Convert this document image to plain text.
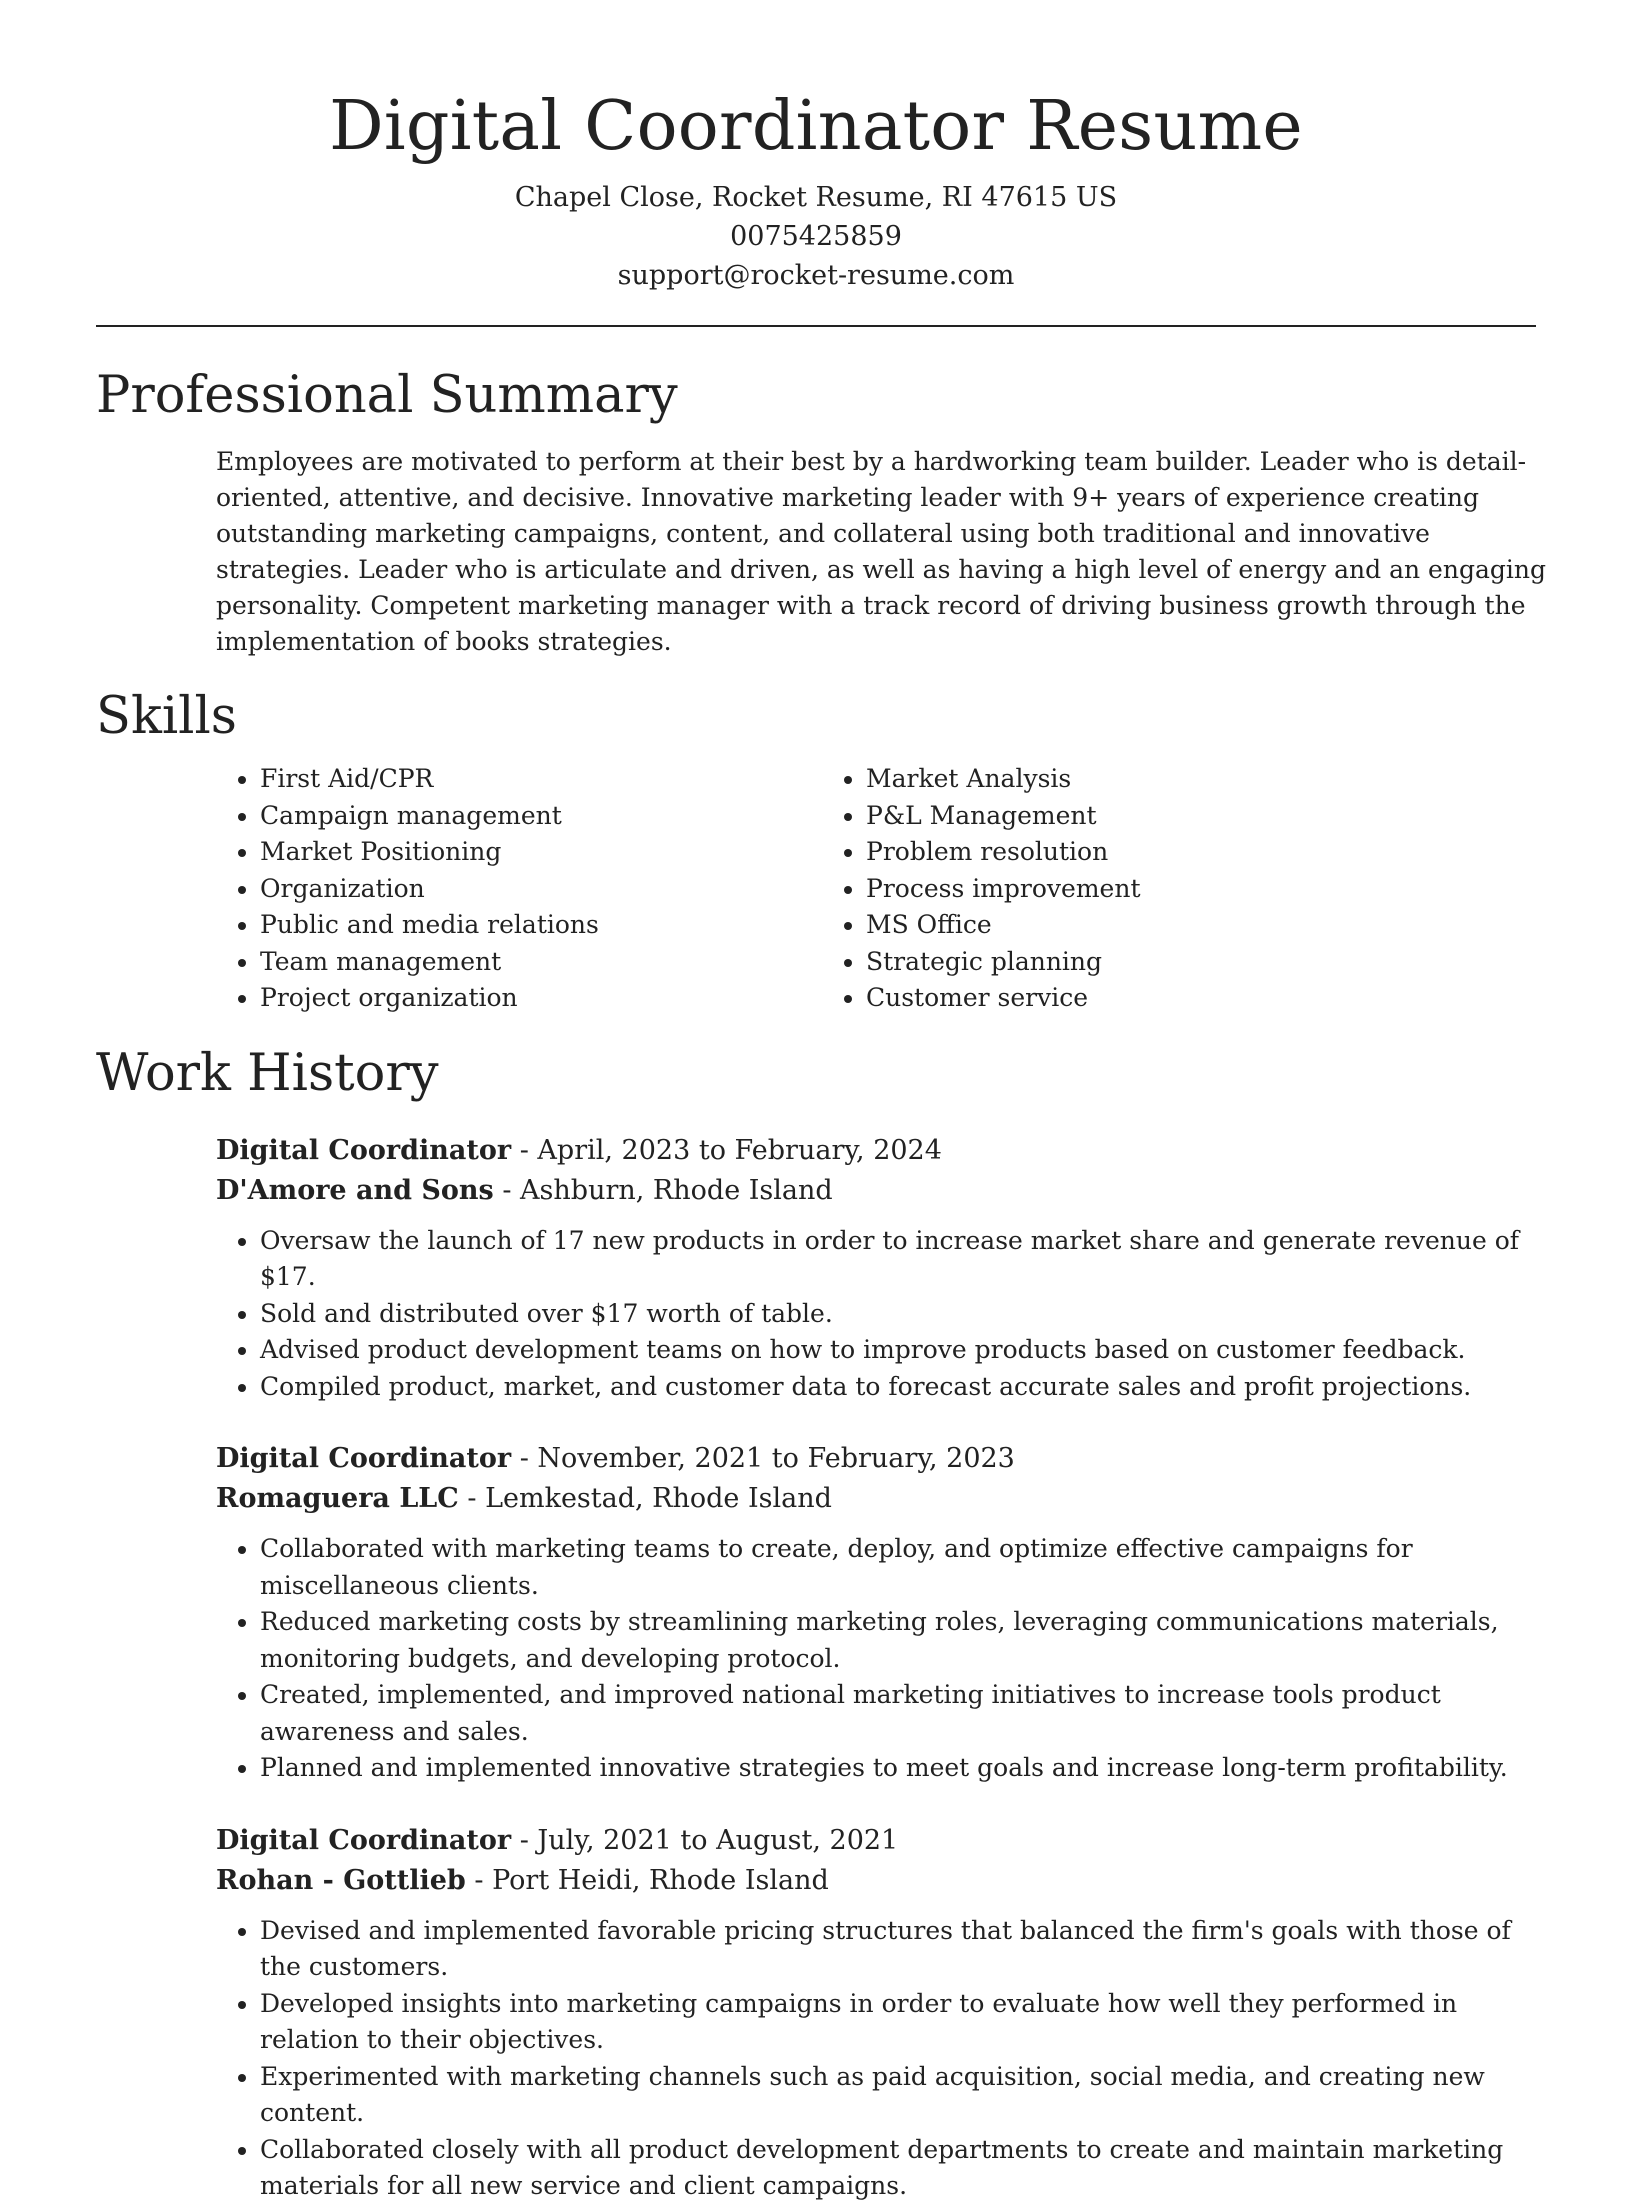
Digital Coordinator Resume
Chapel Close, Rocket Resume, RI 47615 US
0075425859
support@rocket-resume.com
Professional Summary

Employees are motivated to perform at their best by a hardworking team builder. Leader who is detail-oriented, attentive, and decisive. Innovative marketing leader with 9+ years of experience creating outstanding marketing campaigns, content, and collateral using both traditional and innovative strategies. Leader who is articulate and driven, as well as having a high level of energy and an engaging personality. Competent marketing manager with a track record of driving business growth through the implementation of books strategies.

Skills
• First Aid/CPR
• Campaign management
• Market Positioning
• Organization
• Public and media relations
• Team management
• Project organization
• Market Analysis
• P&L Management
• Problem resolution
• Process improvement
• MS Office
• Strategic planning
• Customer service
Work History
Digital Coordinator - April, 2023 to February, 2024
D'Amore and Sons - Ashburn, Rhode Island
• Oversaw the launch of 17 new products in order to increase market share and generate revenue of $17.
• Sold and distributed over $17 worth of table.
• Advised product development teams on how to improve products based on customer feedback.
• Compiled product, market, and customer data to forecast accurate sales and profit projections.
Digital Coordinator - November, 2021 to February, 2023
Romaguera LLC - Lemkestad, Rhode Island
• Collaborated with marketing teams to create, deploy, and optimize effective campaigns for miscellaneous clients.
• Reduced marketing costs by streamlining marketing roles, leveraging communications materials, monitoring budgets, and developing protocol.
• Created, implemented, and improved national marketing initiatives to increase tools product awareness and sales.
• Planned and implemented innovative strategies to meet goals and increase long-term profitability.
Digital Coordinator - July, 2021 to August, 2021
Rohan - Gottlieb - Port Heidi, Rhode Island
• Devised and implemented favorable pricing structures that balanced the firm's goals with those of the customers.
• Developed insights into marketing campaigns in order to evaluate how well they performed in relation to their objectives.
• Experimented with marketing channels such as paid acquisition, social media, and creating new content.
• Collaborated closely with all product development departments to create and maintain marketing materials for all new service and client campaigns.
